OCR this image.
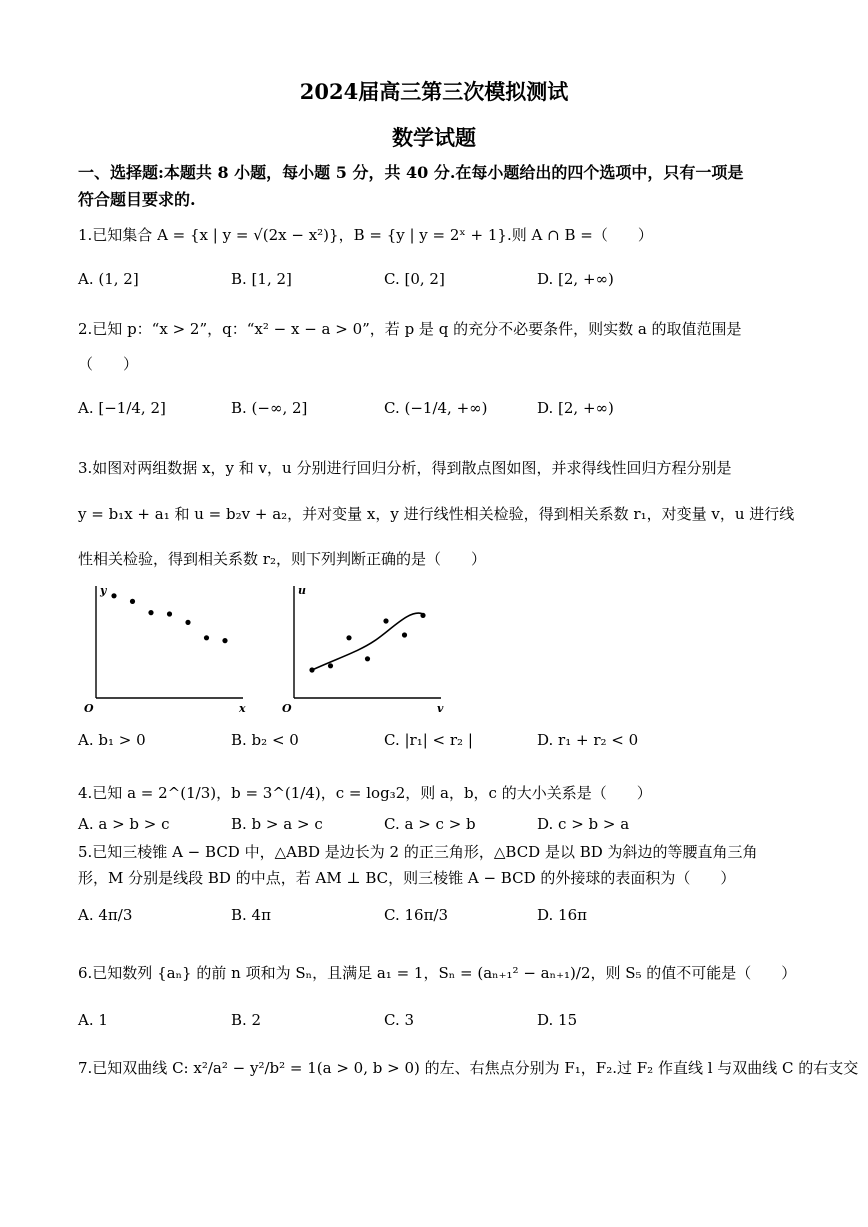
2024届高三第三次模拟测试
数学试题
一、选择题:本题共 8 小题，每小题 5 分，共 40 分.在每小题给出的四个选项中，只有一项是
符合题目要求的.
1.已知集合 A = {x | y = √(2x − x²)}，B = {y | y = 2ˣ + 1}.则 A ∩ B =（　　）
A. (1, 2]	B. [1, 2]	C. [0, 2]	D. [2, +∞)
2.已知 p：“x > 2”，q：“x² − x − a > 0”，若 p 是 q 的充分不必要条件，则实数 a 的取值范围是
（　　）
A. [−1/4, 2]	B. (−∞, 2]	C. (−1/4, +∞)	D. [2, +∞)
3.如图对两组数据 x，y 和 v，u 分别进行回归分析，得到散点图如图，并求得线性回归方程分别是
y = b₁x + a₁ 和 u = b₂v + a₂，并对变量 x，y 进行线性相关检验，得到相关系数 r₁，对变量 v，u 进行线
性相关检验，得到相关系数 r₂，则下列判断正确的是（　　）
y
x
O
u
v
O
A. b₁ > 0	B. b₂ < 0	C. |r₁| < r₂ |	D. r₁ + r₂ < 0
4.已知 a = 2^(1/3)，b = 3^(1/4)，c = log₃2，则 a，b，c 的大小关系是（　　）
A. a > b > c	B. b > a > c	C. a > c > b	D. c > b > a
5.已知三棱锥 A − BCD 中，△ABD 是边长为 2 的正三角形，△BCD 是以 BD 为斜边的等腰直角三角
形，M 分别是线段 BD 的中点，若 AM ⊥ BC，则三棱锥 A − BCD 的外接球的表面积为（　　）
A. 4π/3	B. 4π	C. 16π/3	D. 16π
6.已知数列 {aₙ} 的前 n 项和为 Sₙ，且满足 a₁ = 1，Sₙ = (aₙ₊₁² − aₙ₊₁)/2，则 S₅ 的值不可能是（　　）
A. 1	B. 2	C. 3	D. 15
7.已知双曲线 C: x²/a² − y²/b² = 1(a > 0, b > 0) 的左、右焦点分别为 F₁，F₂.过 F₂ 作直线 l 与双曲线 C 的右支交
